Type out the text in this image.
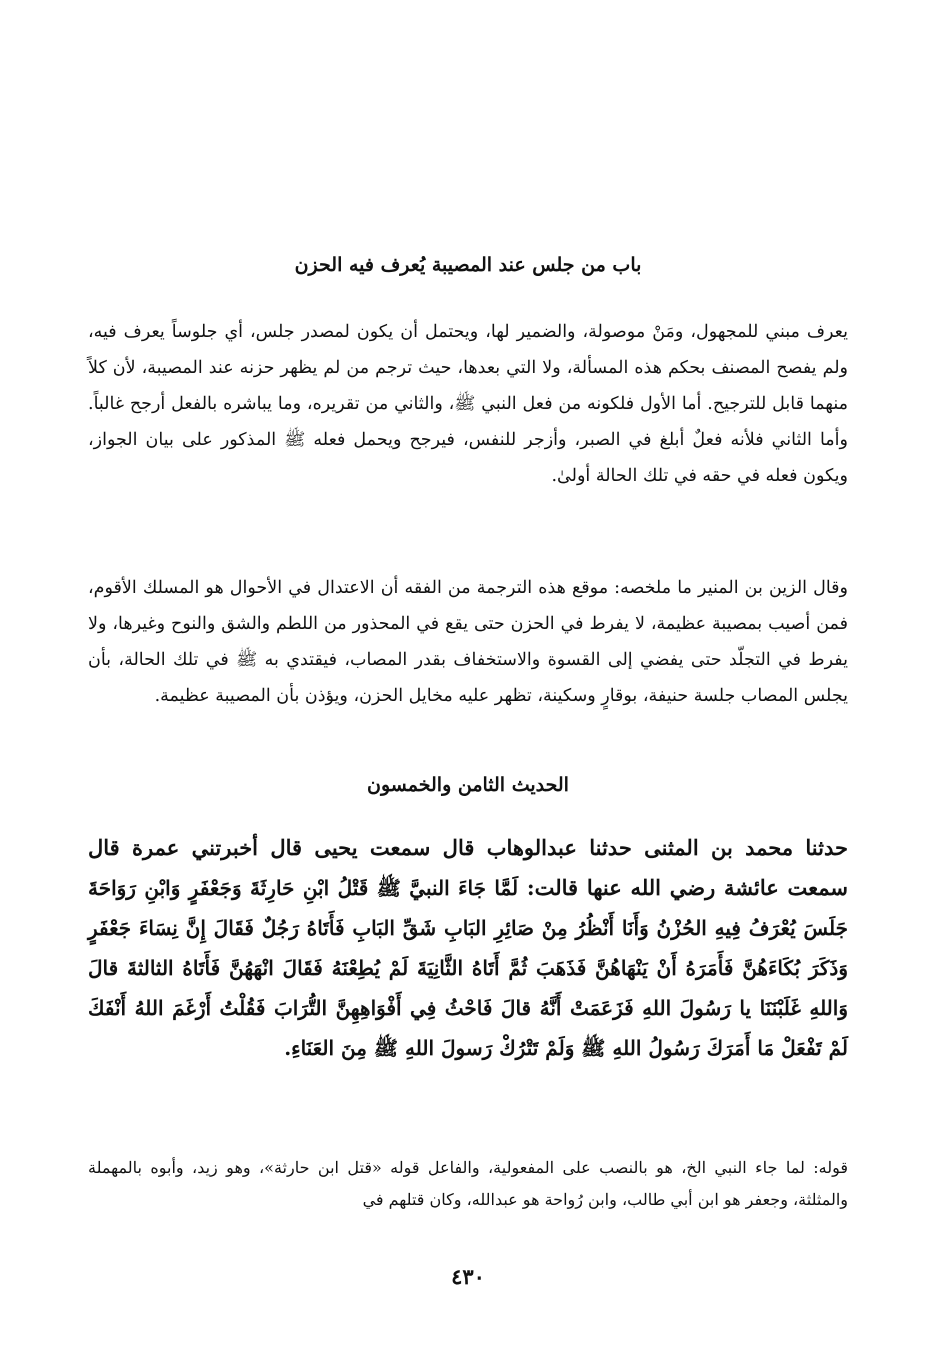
باب من جلس عند المصيبة يُعرف فيه الحزن
يعرف مبني للمجهول، ومَنْ موصولة، والضمير لها، ويحتمل أن يكون لمصدر جلس، أي جلوساً يعرف فيه، ولم يفصح المصنف بحكم هذه المسألة، ولا التي بعدها، حيث ترجم من لم يظهر حزنه عند المصيبة، لأن كلاً منهما قابل للترجيح. أما الأول فلكونه من فعل النبي ﷺ، والثاني من تقريره، وما يباشره بالفعل أرجح غالباً. وأما الثاني فلأنه فعلٌ أبلغ في الصبر، وأزجر للنفس، فيرجح ويحمل فعله ﷺ المذكور على بيان الجواز، ويكون فعله في حقه في تلك الحالة أولىٰ.
وقال الزين بن المنير ما ملخصه: موقع هذه الترجمة من الفقه أن الاعتدال في الأحوال هو المسلك الأقوم، فمن أصيب بمصيبة عظيمة، لا يفرط في الحزن حتى يقع في المحذور من اللطم والشق والنوح وغيرها، ولا يفرط في التجلّد حتى يفضي إلى القسوة والاستخفاف بقدر المصاب، فيقتدي به ﷺ في تلك الحالة، بأن يجلس المصاب جلسة حنيفة، بوقارٍ وسكينة، تظهر عليه مخايل الحزن، ويؤذن بأن المصيبة عظيمة.
الحديث الثامن والخمسون
حدثنا محمد بن المثنى حدثنا عبدالوهاب قال سمعت يحيى قال أخبرتني عمرة قال سمعت عائشة رضي الله عنها قالت: لَمَّا جَاءَ النبيَّ ﷺ قَتْلُ ابْنِ حَارِثَةَ وَجَعْفَرٍ وَابْنِ رَوَاحَةَ جَلَسَ يُعْرَفُ فِيهِ الحُزْنُ وَأَنَا أَنْظُرُ مِنْ صَائِرِ البَابِ شَقِّ البَابِ فَأَتَاهُ رَجُلٌ فَقَالَ إِنَّ نِسَاءَ جَعْفَرٍ وَذَكَرَ بُكَاءَهُنَّ فَأَمَرَهُ أَنْ يَنْهَاهُنَّ فَذَهَبَ ثُمَّ أَتَاهُ الثَّانِيَةَ لَمْ يُطِعْنَهُ فَقَالَ انْهَهُنَّ فَأَتَاهُ الثالثةَ قالَ وَاللهِ غَلَبْنَنَا يا رَسُولَ اللهِ فَزَعَمَتْ أَنَّهُ قالَ فَاحْثُ فِي أَفْوَاهِهِنَّ التُّرَابَ فَقُلْتُ أَرْغَمَ اللهُ أَنْفَكَ لَمْ تَفْعَلْ مَا أَمَرَكَ رَسُولُ اللهِ ﷺ وَلَمْ تَتْرُكْ رَسولَ اللهِ ﷺ مِنَ العَنَاءِ.
قوله: لما جاء النبي الخ، هو بالنصب على المفعولية، والفاعل قوله «قتل ابن حارثة»، وهو زيد، وأبوه بالمهملة والمثلثة، وجعفر هو ابن أبي طالب، وابن رُواحة هو عبدالله، وكان قتلهم في
٤٣٠
